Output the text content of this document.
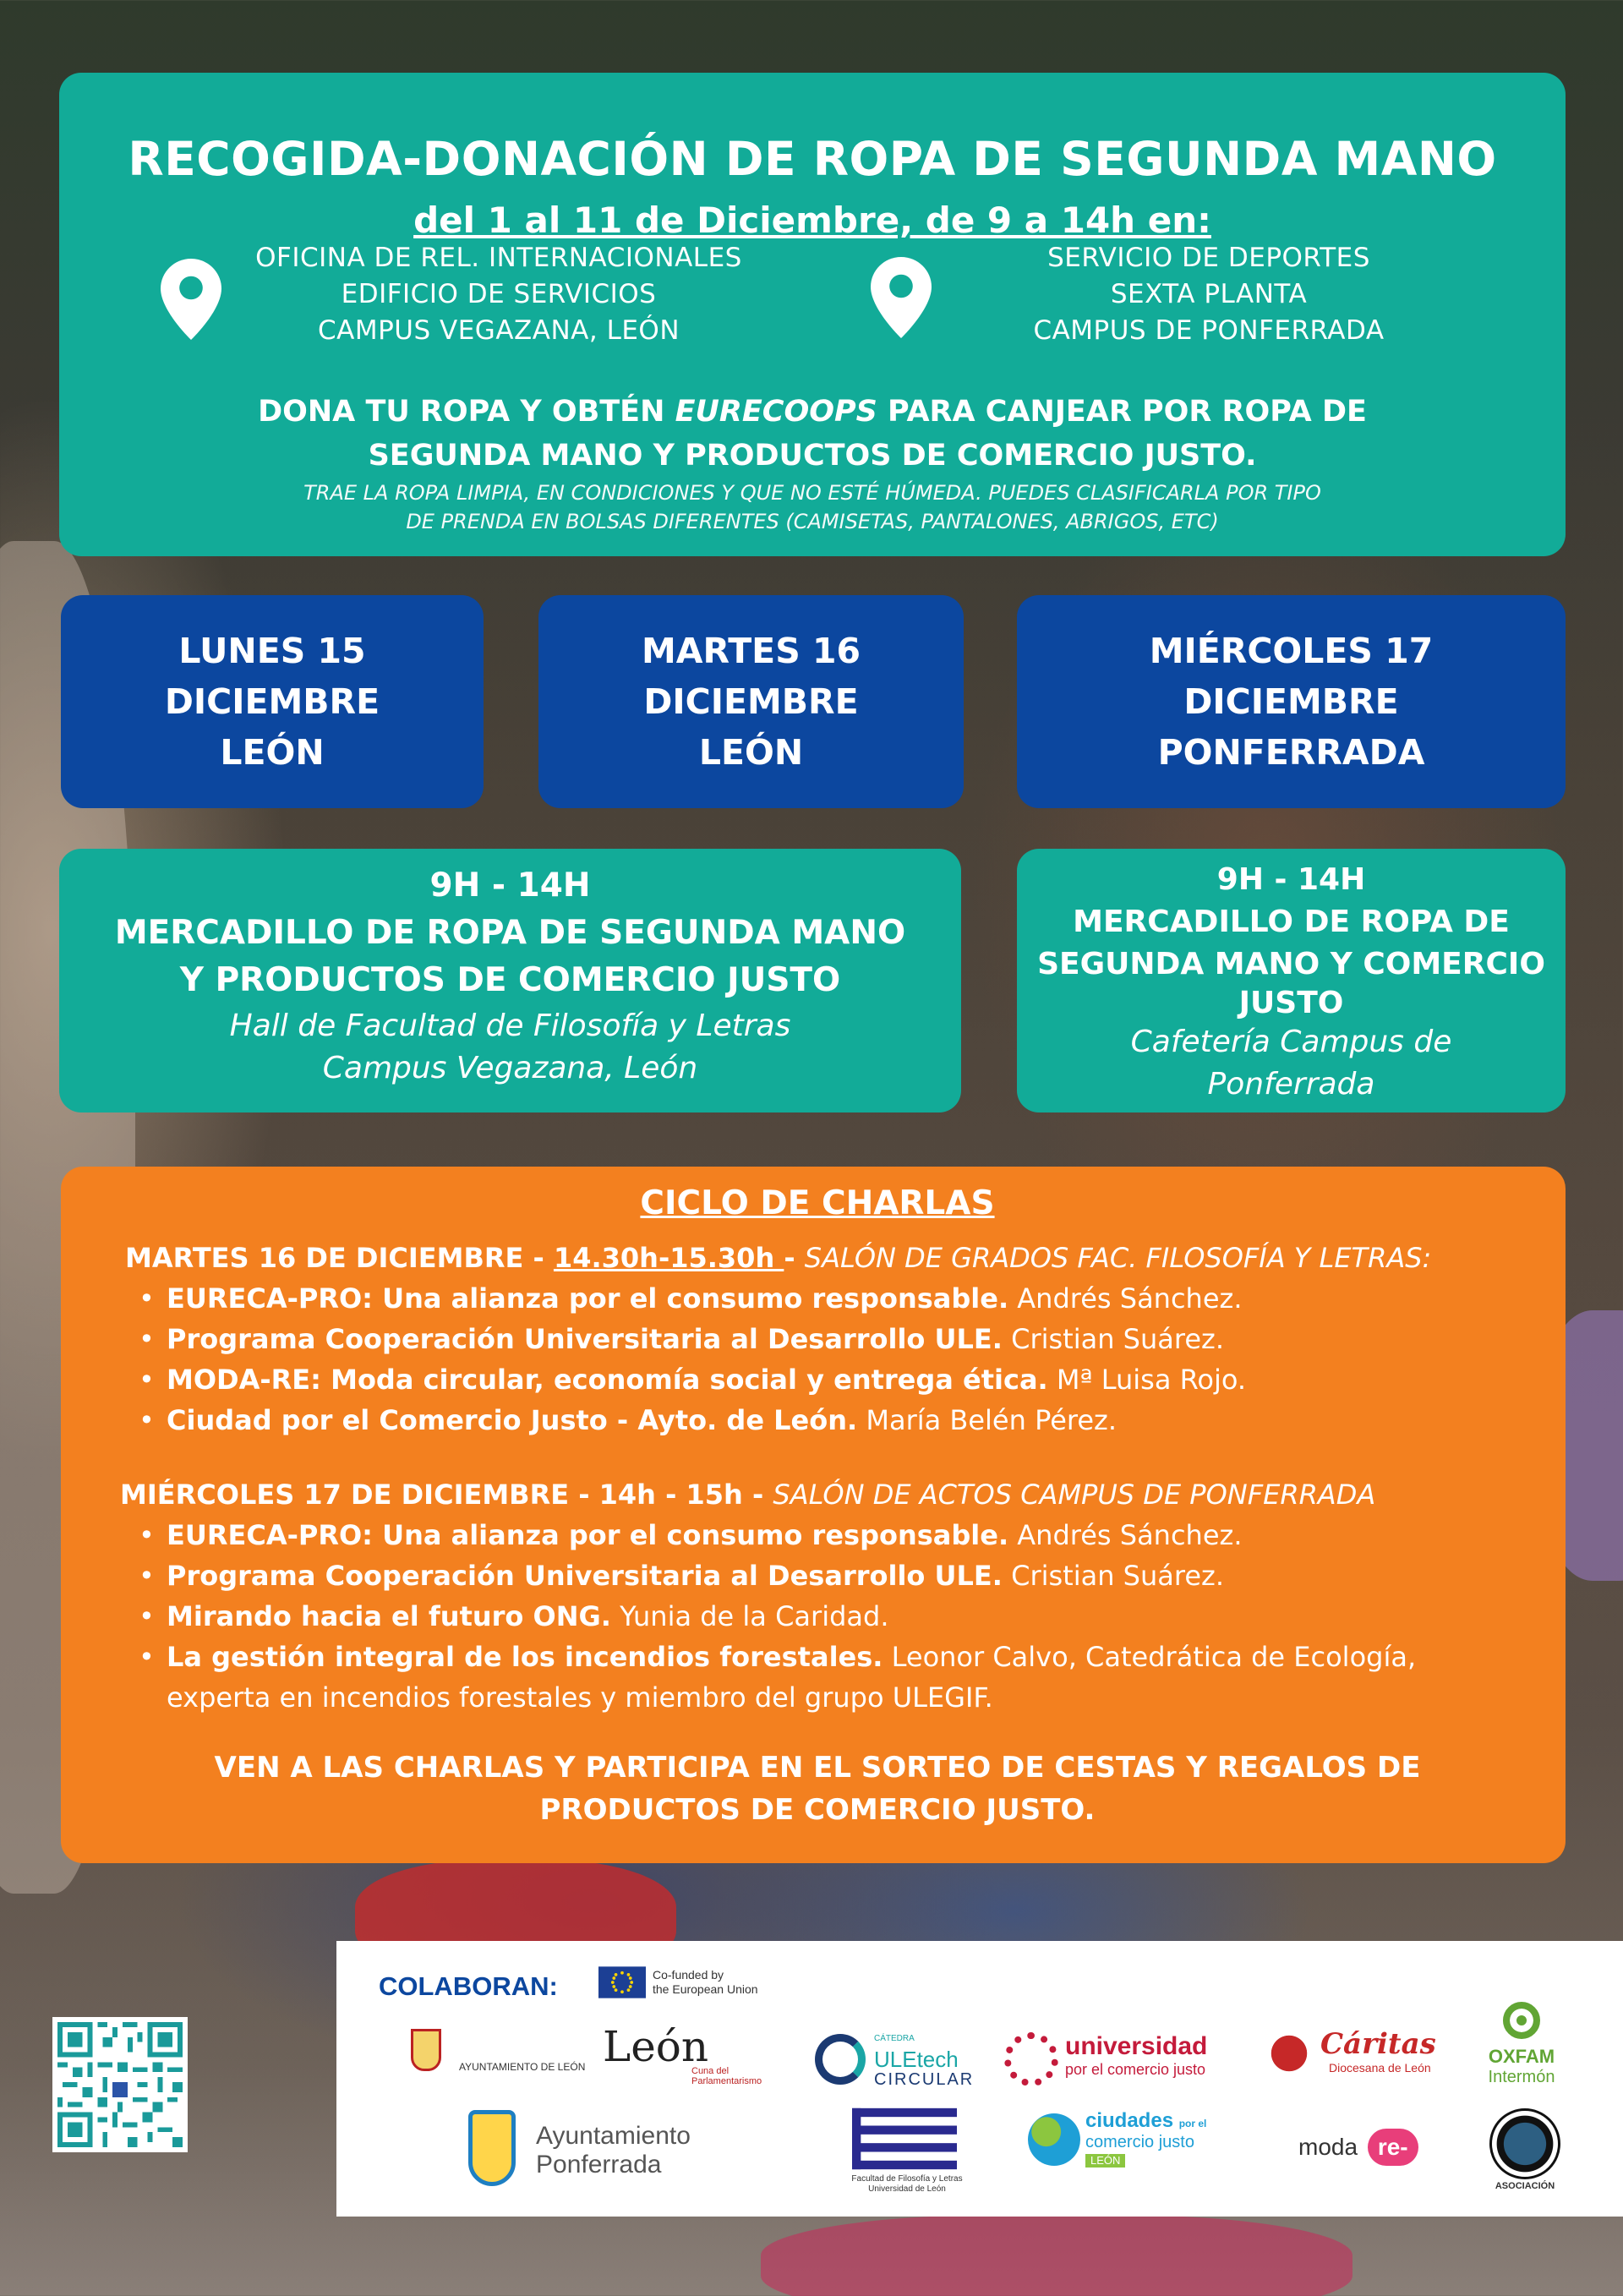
RECOGIDA-DONACIÓN DE ROPA DE SEGUNDA MANO
del 1 al 11 de Diciembre, de 9 a 14h en:
OFICINA DE REL. INTERNACIONALES
EDIFICIO DE SERVICIOS
CAMPUS VEGAZANA, LEÓN
SERVICIO DE DEPORTES
SEXTA PLANTA
CAMPUS DE PONFERRADA
DONA TU ROPA Y OBTÉN EURECOOPS PARA CANJEAR POR ROPA DE
SEGUNDA MANO Y PRODUCTOS DE COMERCIO JUSTO.
TRAE LA ROPA LIMPIA, EN CONDICIONES Y QUE NO ESTÉ HÚMEDA. PUEDES CLASIFICARLA POR TIPO
DE PRENDA EN BOLSAS DIFERENTES (CAMISETAS, PANTALONES, ABRIGOS, ETC)
LUNES 15
DICIEMBRE
LEÓN
MARTES 16
DICIEMBRE
LEÓN
MIÉRCOLES 17
DICIEMBRE
PONFERRADA
9H - 14H
MERCADILLO DE ROPA DE SEGUNDA MANO
Y PRODUCTOS DE COMERCIO JUSTO
Hall de Facultad de Filosofía y Letras
Campus Vegazana, León
9H - 14H
MERCADILLO DE ROPA DE
SEGUNDA MANO Y COMERCIO
JUSTO
Cafetería Campus de
Ponferrada
CICLO DE CHARLAS
MARTES 16 DE DICIEMBRE - 14.30h-15.30h - SALÓN DE GRADOS FAC. FILOSOFÍA Y LETRAS:
• EURECA-PRO: Una alianza por el consumo responsable. Andrés Sánchez.
• Programa Cooperación Universitaria al Desarrollo ULE. Cristian Suárez.
• MODA-RE: Moda circular, economía social y entrega ética. Mª Luisa Rojo.
• Ciudad por el Comercio Justo - Ayto. de León. María Belén Pérez.
MIÉRCOLES 17 DE DICIEMBRE - 14h - 15h - SALÓN DE ACTOS CAMPUS DE PONFERRADA
• EURECA-PRO: Una alianza por el consumo responsable. Andrés Sánchez.
• Programa Cooperación Universitaria al Desarrollo ULE. Cristian Suárez.
• Mirando hacia el futuro ONG. Yunia de la Caridad.
• La gestión integral de los incendios forestales. Leonor Calvo, Catedrática de Ecología,
experta en incendios forestales y miembro del grupo ULEGIF.
VEN A LAS CHARLAS Y PARTICIPA EN EL SORTEO DE CESTAS Y REGALOS DE
PRODUCTOS DE COMERCIO JUSTO.
COLABORAN:	Co-funded by
the European Union
AYUNTAMIENTO DE LEÓN León
Cuna del
Parlamentarismo
CÁTEDRA
ULEtech
CIRCULAR
universidad
por el comercio justo
Cáritas
Diocesana de León
OXFAM
Intermón
Ayuntamiento
Ponferrada
Facultad de Filosofía y Letras
Universidad de León
ciudades por el
comercio justo
LEÓN
moda re-
ASOCIACIÓN
